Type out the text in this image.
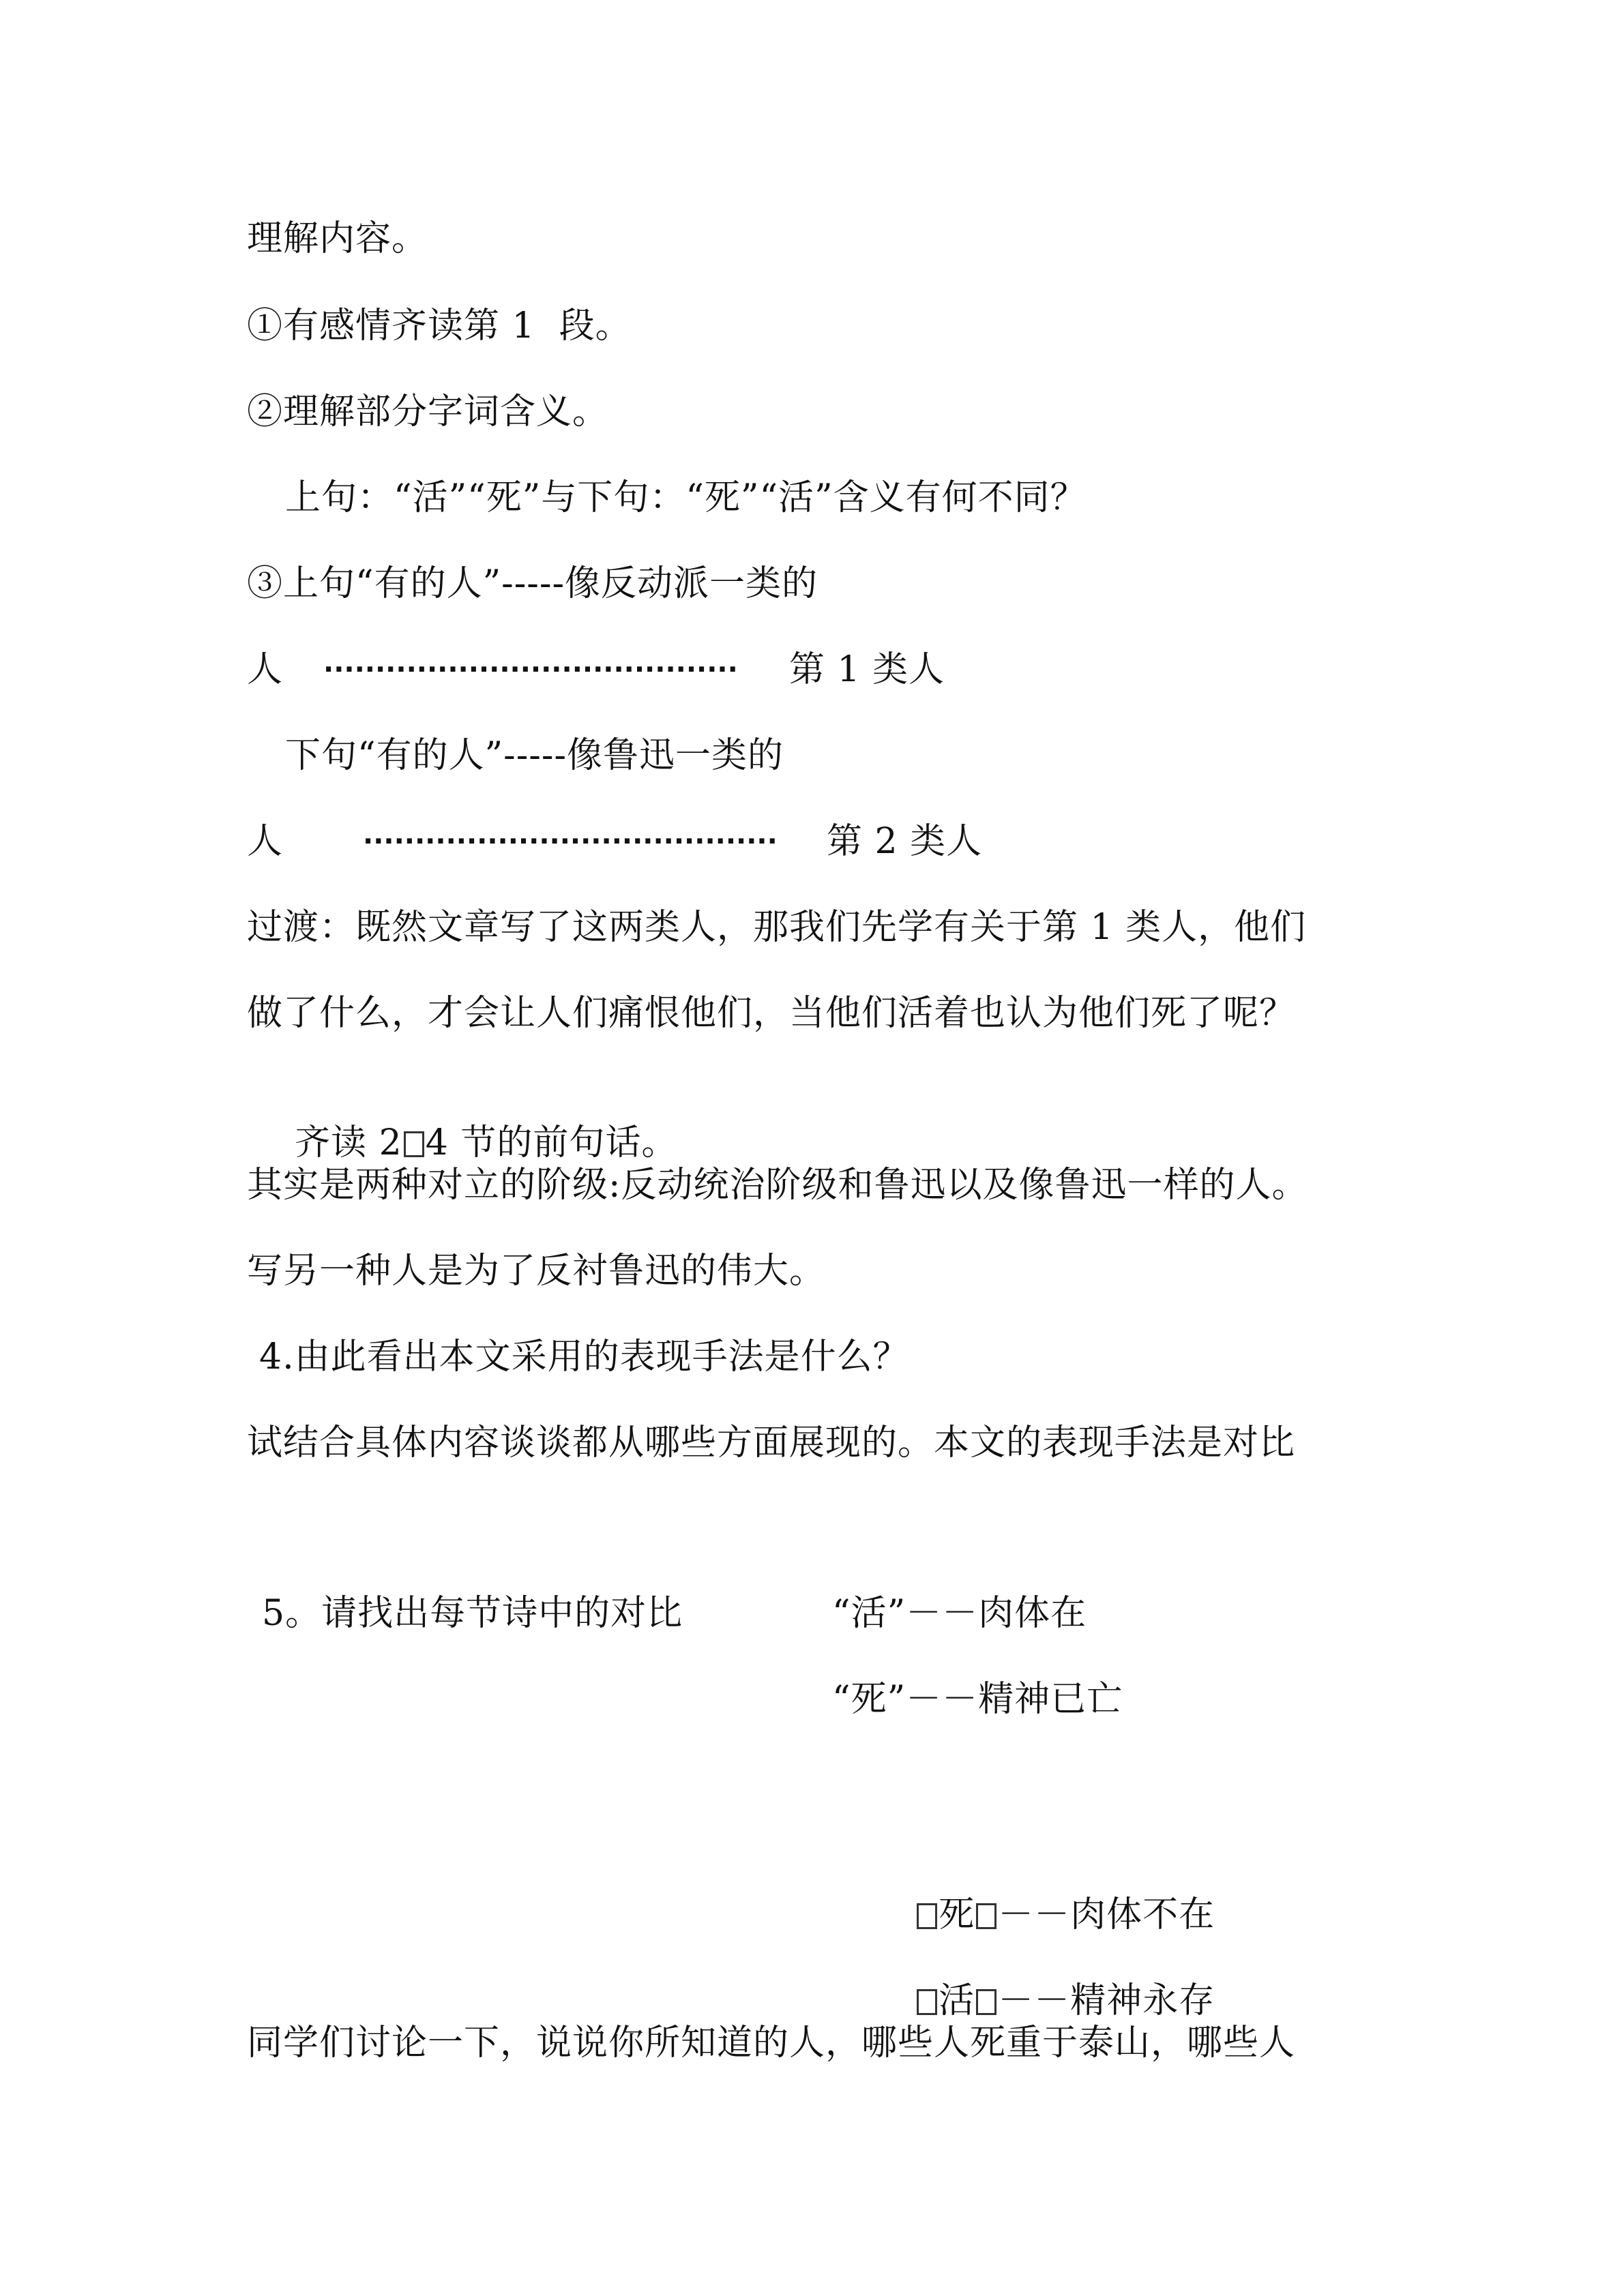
理解内容。
①有感情齐读第 1  段。
②理解部分字词含义。
上句：“活”“死”与下句：“死”“活”含义有何不同？
③上句“有的人”-----像反动派一类的
人 ········································ 第 1 类人
下句“有的人”-----像鲁迅一类的
人	········································ 第 2 类人
过渡：既然文章写了这两类人，那我们先学有关于第 1 类人，他们
做了什么，才会让人们痛恨他们，当他们活着也认为他们死了呢？

齐读 2 4 节的前句话。

其实是两种对立的阶级:反动统治阶级和鲁迅以及像鲁迅一样的人。
写另一种人是为了反衬鲁迅的伟大。
4.由此看出本文采用的表现手法是什么？
试结合具体内容谈谈都从哪些方面展现的。本文的表现手法是对比
5。请找出每节诗中的对比	“活”－－肉体在
“死”－－精神已亡

死 －－肉体不在

活 －－精神永存

同学们讨论一下，说说你所知道的人，哪些人死重于泰山，哪些人
